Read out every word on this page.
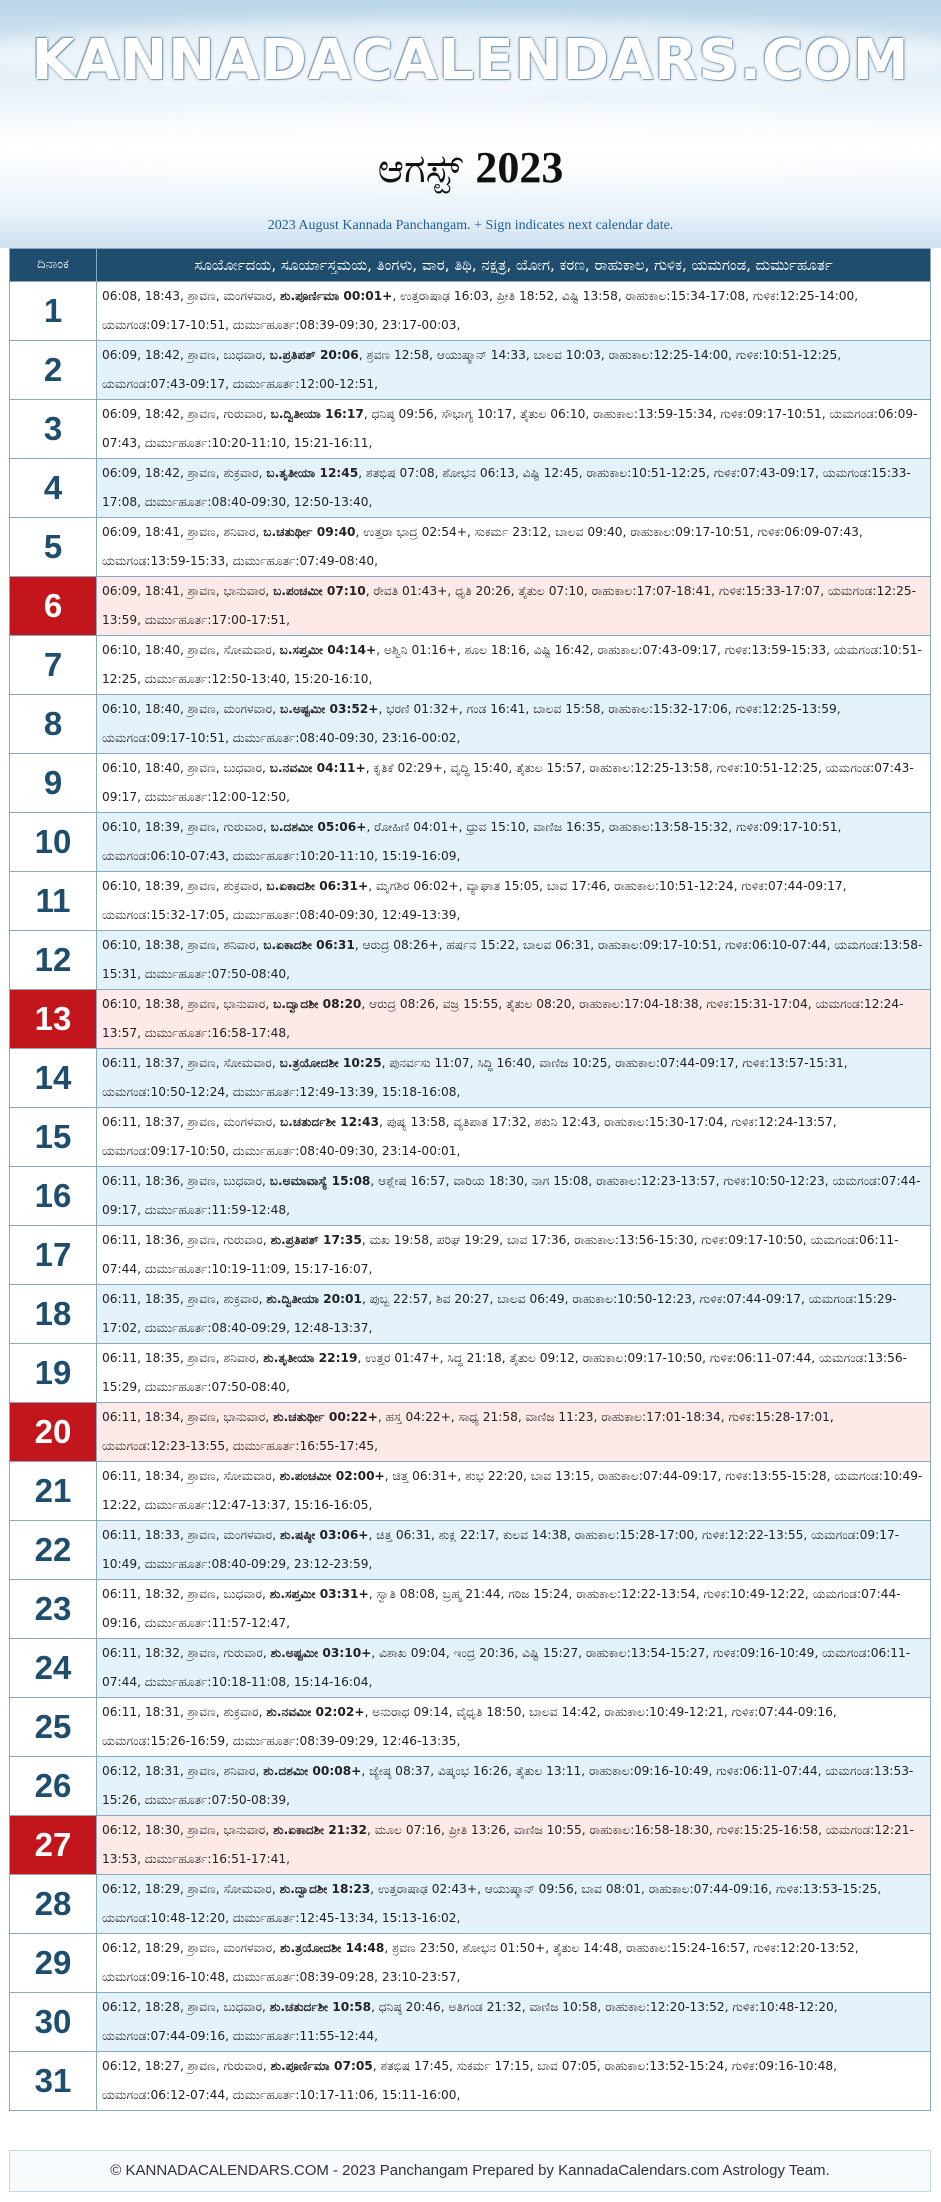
KANNADACALENDARS.COM
ಆಗಸ್ಟ್ 2023
2023 August Kannada Panchangam. + Sign indicates next calendar date.
ದಿನಾಂಕ	ಸೂರ್ಯೋದಯ, ಸೂರ್ಯಾಸ್ತಮಯ, ತಿಂಗಳು, ವಾರ, ತಿಥಿ, ನಕ್ಷತ್ರ, ಯೋಗ, ಕರಣ, ರಾಹುಕಾಲ, ಗುಳಿಕ, ಯಮಗಂಡ, ದುರ್ಮುಹೂರ್ತ
1	06:08, 18:43, ಶ್ರಾವಣ, ಮಂಗಳವಾರ, ಶು.ಪೂರ್ಣಿಮಾ 00:01+, ಉತ್ತರಾಷಾಢ 16:03, ಪ್ರೀತಿ 18:52, ವಿಷ್ಟಿ 13:58, ರಾಹುಕಾಲ:15:34-17:08, ಗುಳಿಕ:12:25-14:00, ಯಮಗಂಡ:09:17-10:51, ದುರ್ಮುಹೂರ್ತ:08:39-09:30, 23:17-00:03,
2	06:09, 18:42, ಶ್ರಾವಣ, ಬುಧವಾರ, ಬ.ಪ್ರತಿಪತ್ 20:06, ಶ್ರವಣ 12:58, ಆಯುಷ್ಮಾನ್ 14:33, ಬಾಲವ 10:03, ರಾಹುಕಾಲ:12:25-14:00, ಗುಳಿಕ:10:51-12:25, ಯಮಗಂಡ:07:43-09:17, ದುರ್ಮುಹೂರ್ತ:12:00-12:51,
3	06:09, 18:42, ಶ್ರಾವಣ, ಗುರುವಾರ, ಬ.ದ್ವಿತೀಯಾ 16:17, ಧನಿಷ್ಠ 09:56, ಸೌಭಾಗ್ಯ 10:17, ತೈತುಲ 06:10, ರಾಹುಕಾಲ:13:59-15:34, ಗುಳಿಕ:09:17-10:51, ಯಮಗಂಡ:06:09-07:43, ದುರ್ಮುಹೂರ್ತ:10:20-11:10, 15:21-16:11,
4	06:09, 18:42, ಶ್ರಾವಣ, ಶುಕ್ರವಾರ, ಬ.ತೃತೀಯಾ 12:45, ಶತಭಿಷ 07:08, ಶೋಭನ 06:13, ವಿಷ್ಟಿ 12:45, ರಾಹುಕಾಲ:10:51-12:25, ಗುಳಿಕ:07:43-09:17, ಯಮಗಂಡ:15:33-17:08, ದುರ್ಮುಹೂರ್ತ:08:40-09:30, 12:50-13:40,
5	06:09, 18:41, ಶ್ರಾವಣ, ಶನಿವಾರ, ಬ.ಚತುರ್ಥೀ 09:40, ಉತ್ತರಾ ಭಾದ್ರ 02:54+, ಸುಕರ್ಮ 23:12, ಬಾಲವ 09:40, ರಾಹುಕಾಲ:09:17-10:51, ಗುಳಿಕ:06:09-07:43, ಯಮಗಂಡ:13:59-15:33, ದುರ್ಮುಹೂರ್ತ:07:49-08:40,
6	06:09, 18:41, ಶ್ರಾವಣ, ಭಾನುವಾರ, ಬ.ಪಂಚಮೀ 07:10, ರೇವತಿ 01:43+, ಧೃತಿ 20:26, ತೈತುಲ 07:10, ರಾಹುಕಾಲ:17:07-18:41, ಗುಳಿಕ:15:33-17:07, ಯಮಗಂಡ:12:25-13:59, ದುರ್ಮುಹೂರ್ತ:17:00-17:51,
7	06:10, 18:40, ಶ್ರಾವಣ, ಸೋಮವಾರ, ಬ.ಸಪ್ತಮೀ 04:14+, ಅಶ್ವಿನಿ 01:16+, ಶೂಲ 18:16, ವಿಷ್ಟಿ 16:42, ರಾಹುಕಾಲ:07:43-09:17, ಗುಳಿಕ:13:59-15:33, ಯಮಗಂಡ:10:51-12:25, ದುರ್ಮುಹೂರ್ತ:12:50-13:40, 15:20-16:10,
8	06:10, 18:40, ಶ್ರಾವಣ, ಮಂಗಳವಾರ, ಬ.ಅಷ್ಟಮೀ 03:52+, ಭರಣಿ 01:32+, ಗಂಡ 16:41, ಬಾಲವ 15:58, ರಾಹುಕಾಲ:15:32-17:06, ಗುಳಿಕ:12:25-13:59, ಯಮಗಂಡ:09:17-10:51, ದುರ್ಮುಹೂರ್ತ:08:40-09:30, 23:16-00:02,
9	06:10, 18:40, ಶ್ರಾವಣ, ಬುಧವಾರ, ಬ.ನವಮೀ 04:11+, ಕೃತಿಕೆ 02:29+, ವೃದ್ಧಿ 15:40, ತೈತುಲ 15:57, ರಾಹುಕಾಲ:12:25-13:58, ಗುಳಿಕ:10:51-12:25, ಯಮಗಂಡ:07:43-09:17, ದುರ್ಮುಹೂರ್ತ:12:00-12:50,
10	06:10, 18:39, ಶ್ರಾವಣ, ಗುರುವಾರ, ಬ.ದಶಮೀ 05:06+, ರೋಹಿಣಿ 04:01+, ಧ್ರುವ 15:10, ವಾಣಿಜ 16:35, ರಾಹುಕಾಲ:13:58-15:32, ಗುಳಿಕ:09:17-10:51, ಯಮಗಂಡ:06:10-07:43, ದುರ್ಮುಹೂರ್ತ:10:20-11:10, 15:19-16:09,
11	06:10, 18:39, ಶ್ರಾವಣ, ಶುಕ್ರವಾರ, ಬ.ಏಕಾದಶೀ 06:31+, ಮೃಗಶಿರ 06:02+, ವ್ಯಾಘಾತ 15:05, ಬಾವ 17:46, ರಾಹುಕಾಲ:10:51-12:24, ಗುಳಿಕ:07:44-09:17, ಯಮಗಂಡ:15:32-17:05, ದುರ್ಮುಹೂರ್ತ:08:40-09:30, 12:49-13:39,
12	06:10, 18:38, ಶ್ರಾವಣ, ಶನಿವಾರ, ಬ.ಏಕಾದಶೀ 06:31, ಆರುದ್ರ 08:26+, ಹರ್ಷನ 15:22, ಬಾಲವ 06:31, ರಾಹುಕಾಲ:09:17-10:51, ಗುಳಿಕ:06:10-07:44, ಯಮಗಂಡ:13:58-15:31, ದುರ್ಮುಹೂರ್ತ:07:50-08:40,
13	06:10, 18:38, ಶ್ರಾವಣ, ಭಾನುವಾರ, ಬ.ದ್ವಾದಶೀ 08:20, ಆರುದ್ರ 08:26, ವಜ್ರ 15:55, ತೈತುಲ 08:20, ರಾಹುಕಾಲ:17:04-18:38, ಗುಳಿಕ:15:31-17:04, ಯಮಗಂಡ:12:24-13:57, ದುರ್ಮುಹೂರ್ತ:16:58-17:48,
14	06:11, 18:37, ಶ್ರಾವಣ, ಸೋಮವಾರ, ಬ.ತ್ರಯೋದಶೀ 10:25, ಪುನರ್ವಸು 11:07, ಸಿದ್ಧಿ 16:40, ವಾಣಿಜ 10:25, ರಾಹುಕಾಲ:07:44-09:17, ಗುಳಿಕ:13:57-15:31, ಯಮಗಂಡ:10:50-12:24, ದುರ್ಮುಹೂರ್ತ:12:49-13:39, 15:18-16:08,
15	06:11, 18:37, ಶ್ರಾವಣ, ಮಂಗಳವಾರ, ಬ.ಚತುರ್ದಶೀ 12:43, ಪುಷ್ಯ 13:58, ವ್ಯತಿಪಾತ 17:32, ಶಕುನಿ 12:43, ರಾಹುಕಾಲ:15:30-17:04, ಗುಳಿಕ:12:24-13:57, ಯಮಗಂಡ:09:17-10:50, ದುರ್ಮುಹೂರ್ತ:08:40-09:30, 23:14-00:01,
16	06:11, 18:36, ಶ್ರಾವಣ, ಬುಧವಾರ, ಬ.ಅಮಾವಾಸ್ಯೆ 15:08, ಆಶ್ಲೇಷ 16:57, ವಾರಿಯ 18:30, ನಾಗ 15:08, ರಾಹುಕಾಲ:12:23-13:57, ಗುಳಿಕ:10:50-12:23, ಯಮಗಂಡ:07:44-09:17, ದುರ್ಮುಹೂರ್ತ:11:59-12:48,
17	06:11, 18:36, ಶ್ರಾವಣ, ಗುರುವಾರ, ಶು.ಪ್ರತಿಪತ್ 17:35, ಮಖ 19:58, ಪರಿಘ 19:29, ಬಾವ 17:36, ರಾಹುಕಾಲ:13:56-15:30, ಗುಳಿಕ:09:17-10:50, ಯಮಗಂಡ:06:11-07:44, ದುರ್ಮುಹೂರ್ತ:10:19-11:09, 15:17-16:07,
18	06:11, 18:35, ಶ್ರಾವಣ, ಶುಕ್ರವಾರ, ಶು.ದ್ವಿತೀಯಾ 20:01, ಪುಬ್ಬ 22:57, ಶಿವ 20:27, ಬಾಲವ 06:49, ರಾಹುಕಾಲ:10:50-12:23, ಗುಳಿಕ:07:44-09:17, ಯಮಗಂಡ:15:29-17:02, ದುರ್ಮುಹೂರ್ತ:08:40-09:29, 12:48-13:37,
19	06:11, 18:35, ಶ್ರಾವಣ, ಶನಿವಾರ, ಶು.ತೃತೀಯಾ 22:19, ಉತ್ತರ 01:47+, ಸಿದ್ಧ 21:18, ತೈತುಲ 09:12, ರಾಹುಕಾಲ:09:17-10:50, ಗುಳಿಕ:06:11-07:44, ಯಮಗಂಡ:13:56-15:29, ದುರ್ಮುಹೂರ್ತ:07:50-08:40,
20	06:11, 18:34, ಶ್ರಾವಣ, ಭಾನುವಾರ, ಶು.ಚತುರ್ಥೀ 00:22+, ಹಸ್ತ 04:22+, ಸಾಧ್ಯ 21:58, ವಾಣಿಜ 11:23, ರಾಹುಕಾಲ:17:01-18:34, ಗುಳಿಕ:15:28-17:01, ಯಮಗಂಡ:12:23-13:55, ದುರ್ಮುಹೂರ್ತ:16:55-17:45,
21	06:11, 18:34, ಶ್ರಾವಣ, ಸೋಮವಾರ, ಶು.ಪಂಚಮೀ 02:00+, ಚಿತ್ತ 06:31+, ಶುಭ 22:20, ಬಾವ 13:15, ರಾಹುಕಾಲ:07:44-09:17, ಗುಳಿಕ:13:55-15:28, ಯಮಗಂಡ:10:49-12:22, ದುರ್ಮುಹೂರ್ತ:12:47-13:37, 15:16-16:05,
22	06:11, 18:33, ಶ್ರಾವಣ, ಮಂಗಳವಾರ, ಶು.ಷಷ್ಠೀ 03:06+, ಚಿತ್ತ 06:31, ಶುಕ್ಲ 22:17, ಕುಲವ 14:38, ರಾಹುಕಾಲ:15:28-17:00, ಗುಳಿಕ:12:22-13:55, ಯಮಗಂಡ:09:17-10:49, ದುರ್ಮುಹೂರ್ತ:08:40-09:29, 23:12-23:59,
23	06:11, 18:32, ಶ್ರಾವಣ, ಬುಧವಾರ, ಶು.ಸಪ್ತಮೀ 03:31+, ಸ್ವಾತಿ 08:08, ಬ್ರಹ್ಮ 21:44, ಗರಿಜ 15:24, ರಾಹುಕಾಲ:12:22-13:54, ಗುಳಿಕ:10:49-12:22, ಯಮಗಂಡ:07:44-09:16, ದುರ್ಮುಹೂರ್ತ:11:57-12:47,
24	06:11, 18:32, ಶ್ರಾವಣ, ಗುರುವಾರ, ಶು.ಅಷ್ಟಮೀ 03:10+, ವಿಶಾಖ 09:04, ಇಂದ್ರ 20:36, ವಿಷ್ಟಿ 15:27, ರಾಹುಕಾಲ:13:54-15:27, ಗುಳಿಕ:09:16-10:49, ಯಮಗಂಡ:06:11-07:44, ದುರ್ಮುಹೂರ್ತ:10:18-11:08, 15:14-16:04,
25	06:11, 18:31, ಶ್ರಾವಣ, ಶುಕ್ರವಾರ, ಶು.ನವಮೀ 02:02+, ಅನುರಾಧ 09:14, ವೈಧೃತಿ 18:50, ಬಾಲವ 14:42, ರಾಹುಕಾಲ:10:49-12:21, ಗುಳಿಕ:07:44-09:16, ಯಮಗಂಡ:15:26-16:59, ದುರ್ಮುಹೂರ್ತ:08:39-09:29, 12:46-13:35,
26	06:12, 18:31, ಶ್ರಾವಣ, ಶನಿವಾರ, ಶು.ದಶಮೀ 00:08+, ಜ್ಯೇಷ್ಠ 08:37, ವಿಷ್ಕಂಭ 16:26, ತೈತುಲ 13:11, ರಾಹುಕಾಲ:09:16-10:49, ಗುಳಿಕ:06:11-07:44, ಯಮಗಂಡ:13:53-15:26, ದುರ್ಮುಹೂರ್ತ:07:50-08:39,
27	06:12, 18:30, ಶ್ರಾವಣ, ಭಾನುವಾರ, ಶು.ಏಕಾದಶೀ 21:32, ಮೂಲ 07:16, ಪ್ರೀತಿ 13:26, ವಾಣಿಜ 10:55, ರಾಹುಕಾಲ:16:58-18:30, ಗುಳಿಕ:15:25-16:58, ಯಮಗಂಡ:12:21-13:53, ದುರ್ಮುಹೂರ್ತ:16:51-17:41,
28	06:12, 18:29, ಶ್ರಾವಣ, ಸೋಮವಾರ, ಶು.ದ್ವಾದಶೀ 18:23, ಉತ್ತರಾಷಾಢ 02:43+, ಆಯುಷ್ಮಾನ್ 09:56, ಬಾವ 08:01, ರಾಹುಕಾಲ:07:44-09:16, ಗುಳಿಕ:13:53-15:25, ಯಮಗಂಡ:10:48-12:20, ದುರ್ಮುಹೂರ್ತ:12:45-13:34, 15:13-16:02,
29	06:12, 18:29, ಶ್ರಾವಣ, ಮಂಗಳವಾರ, ಶು.ತ್ರಯೋದಶೀ 14:48, ಶ್ರವಣ 23:50, ಶೋಭನ 01:50+, ತೈತುಲ 14:48, ರಾಹುಕಾಲ:15:24-16:57, ಗುಳಿಕ:12:20-13:52, ಯಮಗಂಡ:09:16-10:48, ದುರ್ಮುಹೂರ್ತ:08:39-09:28, 23:10-23:57,
30	06:12, 18:28, ಶ್ರಾವಣ, ಬುಧವಾರ, ಶು.ಚತುರ್ದಶೀ 10:58, ಧನಿಷ್ಠ 20:46, ಅತಿಗಂಡ 21:32, ವಾಣಿಜ 10:58, ರಾಹುಕಾಲ:12:20-13:52, ಗುಳಿಕ:10:48-12:20, ಯಮಗಂಡ:07:44-09:16, ದುರ್ಮುಹೂರ್ತ:11:55-12:44,
31	06:12, 18:27, ಶ್ರಾವಣ, ಗುರುವಾರ, ಶು.ಪೂರ್ಣಿಮಾ 07:05, ಶತಭಿಷ 17:45, ಸುಕರ್ಮ 17:15, ಬಾವ 07:05, ರಾಹುಕಾಲ:13:52-15:24, ಗುಳಿಕ:09:16-10:48, ಯಮಗಂಡ:06:12-07:44, ದುರ್ಮುಹೂರ್ತ:10:17-11:06, 15:11-16:00,
© KANNADACALENDARS.COM - 2023 Panchangam Prepared by KannadaCalendars.com Astrology Team.
